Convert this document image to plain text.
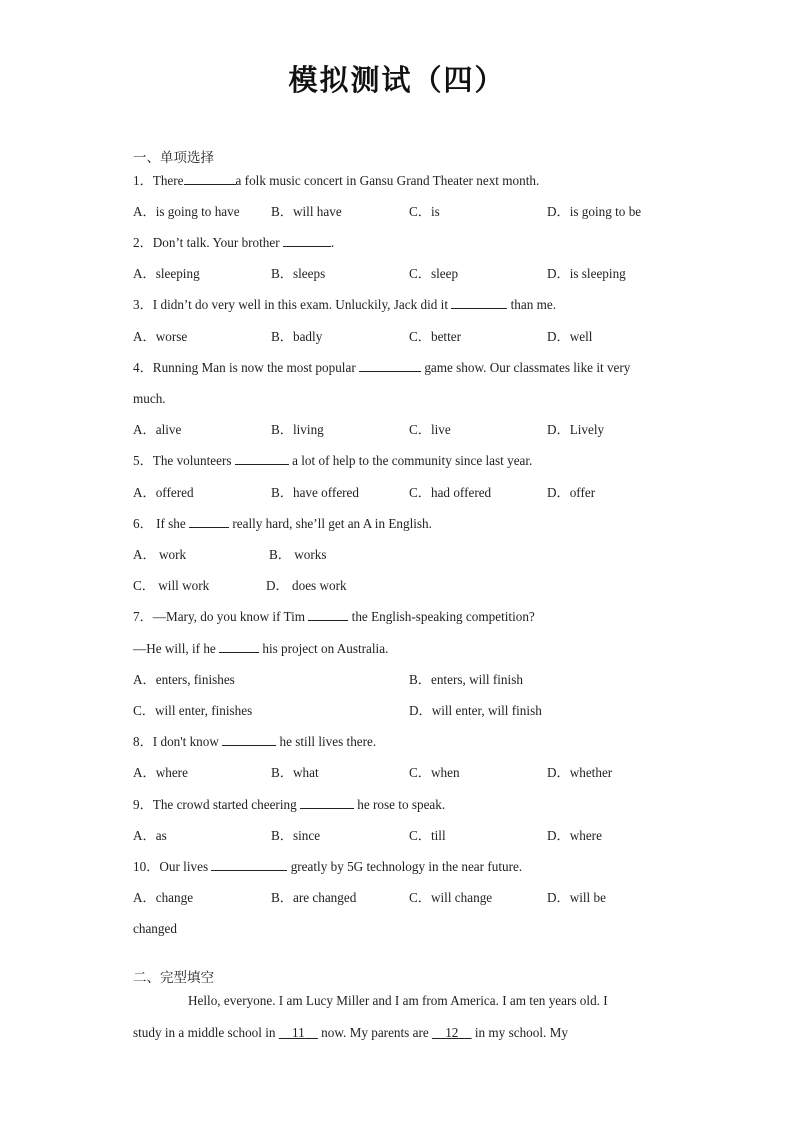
模拟测试（四）
一、单项选择
1．There	a folk music concert in Gansu Grand Theater next month.
A．is going to have B．will have	C．is	D．is going to be
2．Don’t talk. Your brother	.
A．sleeping	B．sleeps	C．sleep	D．is sleeping
3．I didn’t do very well in this exam. Unluckily, Jack did it	than me.
A．worse	B．badly	C．better	D．well
4．Running Man is now the most popular	game show. Our classmates like it very
much.
A．alive	B．living	C．live	D．Lively
5．The volunteers	a lot of help to the community since last year.
A．offered	B．have offered	C．had offered	D．offer
6． If she	really hard, she’ll get an A in English.
A． work	B． works
C． will work	D． does work
7．—Mary, do you know if Tim	the English-speaking competition?
—He will, if he	his project on Australia.
A．enters, finishes	B．enters, will finish
C．will enter, finishes	D．will enter, will finish
8．I don't know	he still lives there.
A．where	B．what	C．when	D．whether
9．The crowd started cheering	he rose to speak.
A．as	B．since	C．till	D．where
10．Our lives	greatly by 5G technology in the near future.
A．change	B．are changed	C．will change	D．will be
changed
二、完型填空
Hello, everyone. I am Lucy Miller and I am from America. I am ten years old. I
study in a middle school in 11 now. My parents are 12 in my school. My
